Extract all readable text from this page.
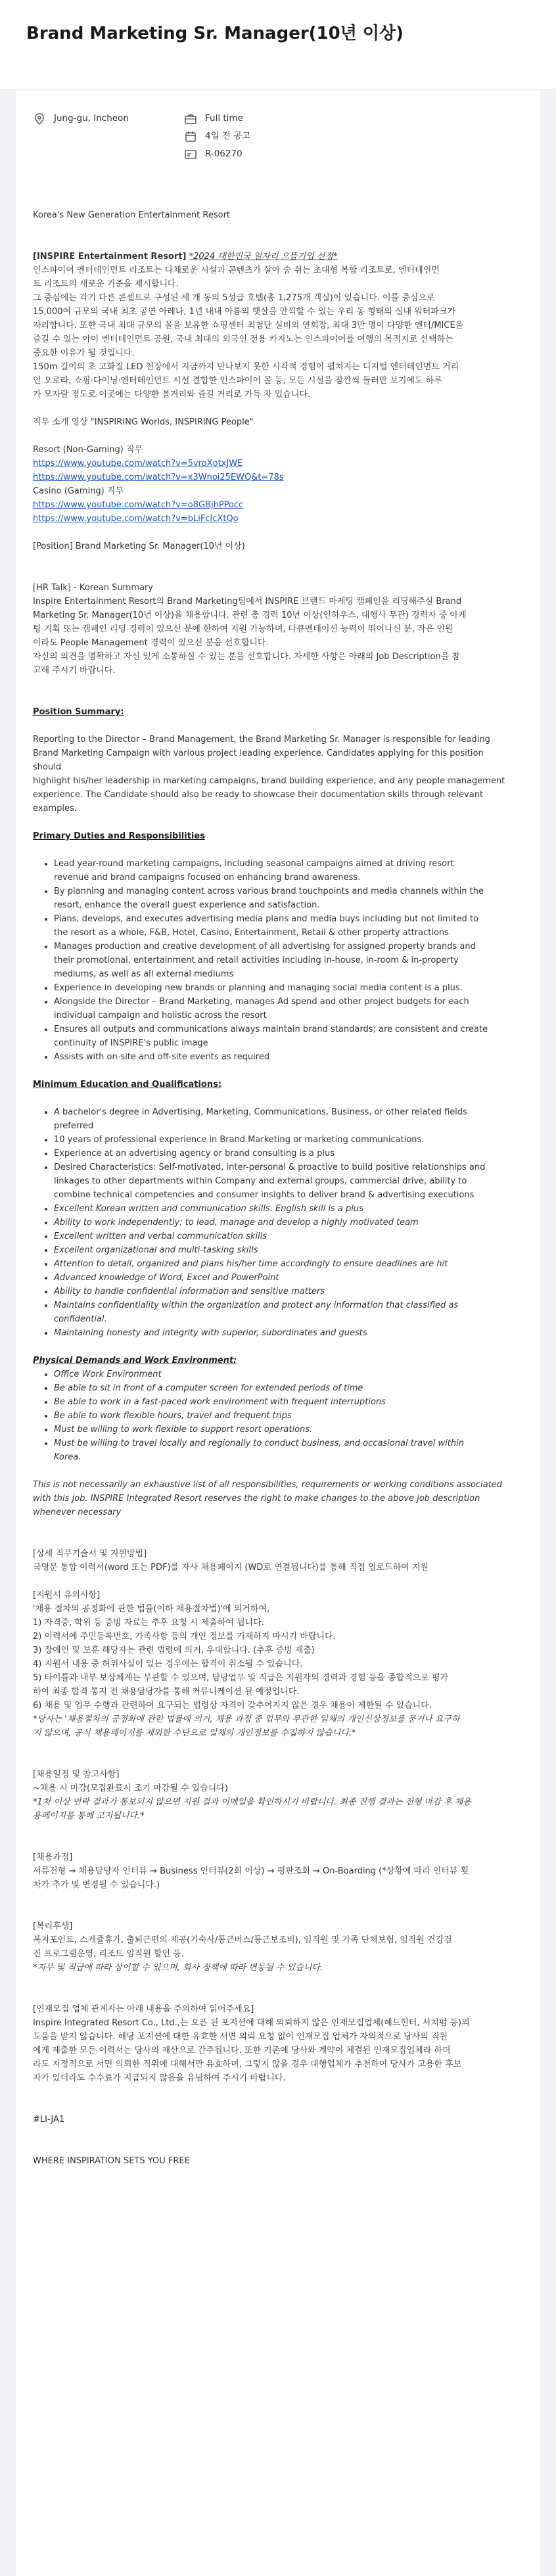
Brand Marketing Sr. Manager(10년 이상)
Jung-gu, Incheon	Full time
4일 전 공고
R-06270

Korea's New Generation Entertainment Resort

[INSPIRE Entertainment Resort] *2024 대한민국 일자리 으뜸기업 선정*

인스파이어 엔터테인먼트 리조트는 다채로운 시설과 콘텐츠가 살아 숨 쉬는 초대형 복합 리조트로, 엔터테인먼
트 리조트의 새로운 기준을 제시합니다.
그 중심에는 각기 다른 콘셉트로 구성된 세 개 동의 5성급 호텔(총 1,275개 객실)이 있습니다. 이를 중심으로
15,000여 규모의 국내 최초 공연 아레나, 1년 내내 아름의 햇살을 만끽할 수 있는 우리 동 형태의 실내 워터파크가
자리합니다. 또한 국내 최대 규모의 몰을 보유한 쇼핑센터 최첨단 실비의 연회장, 최대 3만 명이 다양한 엔터/MICE을
즐길 수 있는 아이 엔터테인먼트 공원, 국내 최대의 외국인 전용 카지노는 인스파이어를 여행의 목적지로 선택하는
중요한 이유가 될 것입니다.
150m 길이의 초 고화질 LED 천장에서 지금까지 만나보지 못한 시각적 경험이 펼쳐지는 디지털 엔터테인먼트 거리
인 오로라, 쇼핑·다이닝·엔터테인먼트 시설 결합한 인스파이어 몰 등, 모든 시설을 잠깐씩 둘러만 보기에도 하루
가 모자랄 정도로 이곳에는 다양한 볼거리와 즐길 거리로 가득 차 있습니다.

직무 소개 영상 "INSPIRING Worlds, INSPIRING People"

Resort (Non-Gaming) 직무

https://www.youtube.com/watch?v=5vroXotxJWE
https://www.youtube.com/watch?v=x3Wnoi25EWQ&t=78s

Casino (Gaming) 직무

https://www.youtube.com/watch?v=o8GBjhPPocc
https://www.youtube.com/watch?v=bLiFcIcXtQo

[Position] Brand Marketing Sr. Manager(10년 이상)

[HR Talk] - Korean Summary

Inspire Entertainment Resort의 Brand Marketing팀에서 INSPIRE 브랜드 마케팅 캠페인을 리딩해주실 Brand
Marketing Sr. Manager(10년 이상)을 채용합니다. 관련 총 경력 10년 이상(인하우스, 대행사 무관) 경력자 중 아케
팅 기획 또는 캠페인 리딩 경력이 있으신 분에 한하여 지원 가능하며, 다큐멘테이션 능력이 뛰어나신 분, 작은 인원
이라도 People Management 경력이 있으신 분을 선호합니다.
자신의 의견을 명확하고 자신 있게 소통하실 수 있는 분을 선호합니다. 자세한 사항은 아래의 Job Description을 참
고해 주시기 바랍니다.

Position Summary:

Reporting to the Director – Brand Management, the Brand Marketing Sr. Manager is responsible for leading
Brand Marketing Campaign with various project leading experience. Candidates applying for this position should
highlight his/her leadership in marketing campaigns, brand building experience, and any people management
experience. The Candidate should also be ready to showcase their documentation skills through relevant
examples.

Primary Duties and Responsibilities

• Lead year-round marketing campaigns, including seasonal campaigns aimed at driving resort
revenue and brand campaigns focused on enhancing brand awareness.
• By planning and managing content across various brand touchpoints and media channels within the
resort, enhance the overall guest experience and satisfaction.
• Plans, develops, and executes advertising media plans and media buys including but not limited to
the resort as a whole, F&B, Hotel, Casino, Entertainment, Retail & other property attractions
• Manages production and creative development of all advertising for assigned property brands and
their promotional, entertainment and retail activities including in-house, in-room & in-property
mediums, as well as all external mediums
• Experience in developing new brands or planning and managing social media content is a plus.
• Alongside the Director – Brand Marketing, manages Ad spend and other project budgets for each
individual campaign and holistic across the resort
• Ensures all outputs and communications always maintain brand standards; are consistent and create
continuity of INSPIRE's public image
• Assists with on-site and off-site events as required

Minimum Education and Qualifications:

• A bachelor's degree in Advertising, Marketing, Communications, Business, or other related fields
preferred
• 10 years of professional experience in Brand Marketing or marketing communications.
• Experience at an advertising agency or brand consulting is a plus
• Desired Characteristics: Self-motivated, inter-personal & proactive to build positive relationships and
linkages to other departments within Company and external groups, commercial drive, ability to
combine technical competencies and consumer insights to deliver brand & advertising executions
• Excellent Korean written and communication skills. English skill is a plus
• Ability to work independently; to lead, manage and develop a highly motivated team
• Excellent written and verbal communication skills
• Excellent organizational and multi-tasking skills
• Attention to detail, organized and plans his/her time accordingly to ensure deadlines are hit
• Advanced knowledge of Word, Excel and PowerPoint
• Ability to handle confidential information and sensitive matters
• Maintains confidentiality within the organization and protect any information that classified as
confidential.
• Maintaining honesty and integrity with superior, subordinates and guests

Physical Demands and Work Environment:

• Office Work Environment
• Be able to sit in front of a computer screen for extended periods of time
• Be able to work in a fast-paced work environment with frequent interruptions
• Be able to work flexible hours, travel and frequent trips
• Must be willing to work flexible to support resort operations.
• Must be willing to travel locally and regionally to conduct business, and occasional travel within
Korea.
This is not necessarily an exhaustive list of all responsibilities, requirements or working conditions associated
with this job. INSPIRE Integrated Resort reserves the right to make changes to the above job description
whenever necessary

[상세 직무기술서 및 지원방법]

국영문 통합 이력서(word 또는 PDF)를 자사 채용페이지 (WD로 연결됩니다)를 통해 직접 업로드하여 지원

[지원시 유의사항]

'채용 절차의 공정화에 관한 법률(이하 채용절차법)'에 의거하여,
1) 자격증, 학위 등 증빙 자료는 추후 요청 시 제출하여 됩니다.
2) 이력서에 주민등록번호, 가족사항 등의 개인 정보를 기재하지 마시기 바랍니다.
3) 장애인 및 보훈 해당자는 관련 법령에 의거, 우대합니다. (추후 증빙 제출)
4) 지원서 내용 중 허위사실이 있는 경우에는 합격이 취소될 수 있습니다.
5) 타이틀과 내부 보상체계는 무관할 수 있으며, 담당업무 및 직급은 지원자의 경력과 경험 등을 종합적으로 평가
하여 최종 합격 통지 전 채용담당자를 통해 커뮤니케이션 될 예정입니다.
6) 채용 및 업무 수행과 관련하여 요구되는 법령상 자격이 갖추어지지 않은 경우 채용이 제한될 수 있습니다.
*당사는 '채용절차의 공정화에 관한 법률에 의거, 채용 과정 중 업무와 무관한 일체의 개인신상정보를 묻거나 요구하
지 않으며, 공식 채용페이지를 제외한 수단으로 일체의 개인정보를 수집하지 않습니다.*

[채용일정 및 참고사항]

~채용 시 마감(모집완료시 조기 마감될 수 있습니다)

*1차 이상 연락 결과가 통보되지 않으면 지원 결과 이메일을 확인하시기 바랍니다. 최종 진행 결과는 전형 마감 후 채용
용페이지를 통해 고지됩니다.*

[채용과정]

서류전형 → 채용담당자 인터뷰 → Business 인터뷰(2회 이상) → 평판조회 → On-Boarding (*상황에 따라 인터뷰 횟
차가 추가 및 변경될 수 있습니다.)

[복리후생]

복지포인트, 스케쥴휴가, 출퇴근편의 제공(기숙사/통근버스/통근보조비), 임직원 및 가족 단체보험, 임직원 건강검
진 프로그램운영, 리조트 임직원 할인 등.
*지무 및 직급에 따라 상이할 수 있으며, 회사 정책에 따라 변동될 수 있습니다.

[인재모집 업체 관계자는 아래 내용을 주의하여 읽어주세요]

Inspire Integrated Resort Co., Ltd.,는 오픈 된 포지션에 대해 의뢰하지 않은 인재모집업체(헤드헌터, 서치펌 등)의
도움을 받지 않습니다. 해당 포지션에 대한 유효한 서면 의뢰 요청 없이 인재모집 업체가 자의적으로 당사의 직원
에게 제출한 모든 이력서는 당사의 재산으로 간주됩니다. 또한 기존에 당사와 계약이 체결된 인재모집업체라 하더
라도 지정적으로 서면 의뢰한 직위에 대해서만 유효하며, 그렇지 않을 경우 대행업체가 추천하여 당사가 고용한 후보
자가 있더라도 수수료가 지급되지 않음을 유념하여 주시기 바랍니다.

#LI-JA1

WHERE INSPIRATION SETS YOU FREE
